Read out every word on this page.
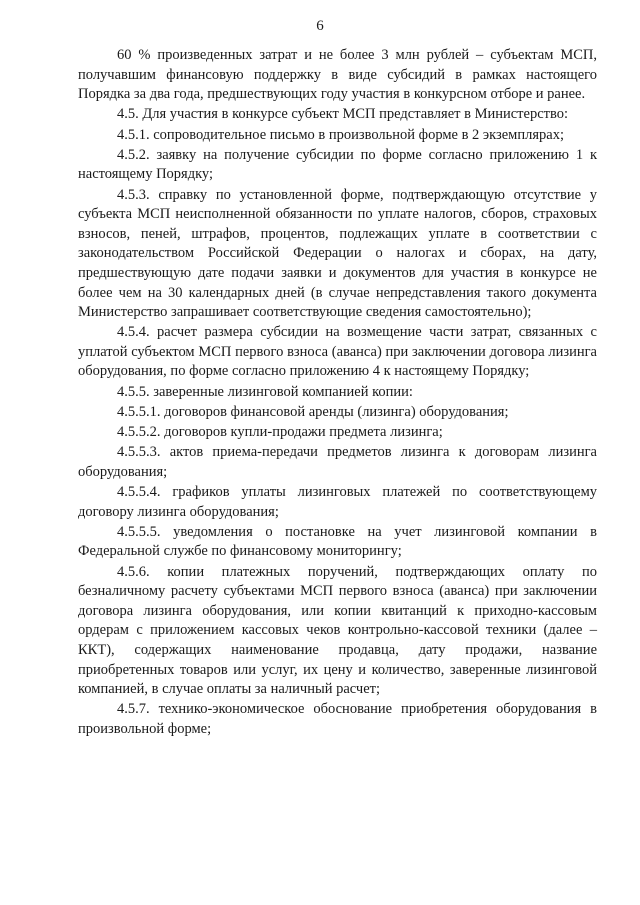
6

60 % произведенных затрат и не более 3 млн рублей – субъектам МСП, получавшим финансовую поддержку в виде субсидий в рамках настоящего Порядка за два года, предшествующих году участия в конкурсном отборе и ранее.

4.5. Для участия в конкурсе субъект МСП представляет в Министерство:

4.5.1. сопроводительное письмо в произвольной форме в 2 экземплярах;

4.5.2. заявку на получение субсидии по форме согласно приложению 1 к настоящему Порядку;

4.5.3. справку по установленной форме, подтверждающую отсутствие у субъекта МСП неисполненной обязанности по уплате налогов, сборов, страховых взносов, пеней, штрафов, процентов, подлежащих уплате в соответствии с законодательством Российской Федерации о налогах и сборах, на дату, предшествующую дате подачи заявки и документов для участия в конкурсе не более чем на 30 календарных дней (в случае непредставления такого документа Министерство запрашивает соответствующие сведения самостоятельно);

4.5.4. расчет размера субсидии на возмещение части затрат, связанных с уплатой субъектом МСП первого взноса (аванса) при заключении договора лизинга оборудования, по форме согласно приложению 4 к настоящему Порядку;

4.5.5. заверенные лизинговой компанией копии:

4.5.5.1. договоров финансовой аренды (лизинга) оборудования;

4.5.5.2. договоров купли-продажи предмета лизинга;

4.5.5.3. актов приема-передачи предметов лизинга к договорам лизинга оборудования;

4.5.5.4. графиков уплаты лизинговых платежей по соответствующему договору лизинга оборудования;

4.5.5.5. уведомления о постановке на учет лизинговой компании в Федеральной службе по финансовому мониторингу;

4.5.6. копии платежных поручений, подтверждающих оплату по безналичному расчету субъектами МСП первого взноса (аванса) при заключении договора лизинга оборудования, или копии квитанций к приходно-кассовым ордерам с приложением кассовых чеков контрольно-кассовой техники (далее – ККТ), содержащих наименование продавца, дату продажи, название приобретенных товаров или услуг, их цену и количество, заверенные лизинговой компанией, в случае оплаты за наличный расчет;

4.5.7. технико-экономическое обоснование приобретения оборудования в произвольной форме;
